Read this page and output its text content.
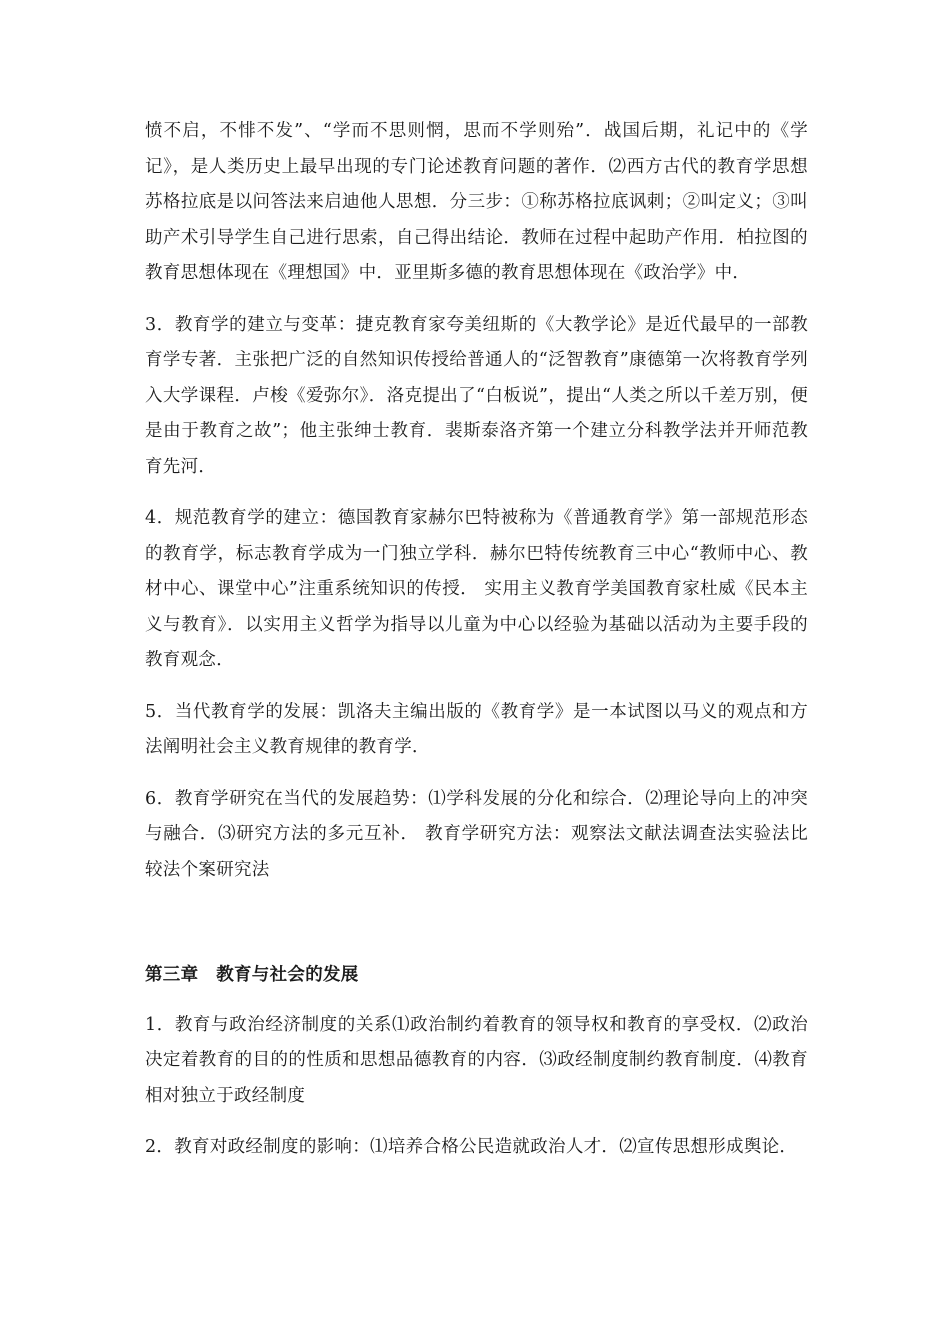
愤不启，不悱不发”、“学而不思则惘，思而不学则殆”．战国后期，礼记中的《学记》，是人类历史上最早出现的专门论述教育问题的著作．⑵西方古代的教育学思想苏格拉底是以问答法来启迪他人思想．分三步：①称苏格拉底讽刺；②叫定义；③叫助产术引导学生自己进行思索，自己得出结论．教师在过程中起助产作用．柏拉图的教育思想体现在《理想国》中．亚里斯多德的教育思想体现在《政治学》中．

3．教育学的建立与变革：捷克教育家夸美纽斯的《大教学论》是近代最早的一部教育学专著．主张把广泛的自然知识传授给普通人的“泛智教育”康德第一次将教育学列入大学课程．卢梭《爱弥尔》．洛克提出了“白板说”，提出“人类之所以千差万别，便是由于教育之故”；他主张绅士教育．裴斯泰洛齐第一个建立分科教学法并开师范教育先河．

4．规范教育学的建立：德国教育家赫尔巴特被称为《普通教育学》第一部规范形态的教育学，标志教育学成为一门独立学科．赫尔巴特传统教育三中心“教师中心、教材中心、课堂中心”注重系统知识的传授． 实用主义教育学美国教育家杜威《民本主义与教育》．以实用主义哲学为指导以儿童为中心以经验为基础以活动为主要手段的教育观念．

5．当代教育学的发展：凯洛夫主编出版的《教育学》是一本试图以马义的观点和方法阐明社会主义教育规律的教育学．

6．教育学研究在当代的发展趋势：⑴学科发展的分化和综合．⑵理论导向上的冲突与融合．⑶研究方法的多元互补． 教育学研究方法：观察法文献法调查法实验法比较法个案研究法

第三章　教育与社会的发展

1．教育与政治经济制度的关系⑴政治制约着教育的领导权和教育的享受权．⑵政治决定着教育的目的的性质和思想品德教育的内容．⑶政经制度制约教育制度．⑷教育相对独立于政经制度

2．教育对政经制度的影响：⑴培养合格公民造就政治人才．⑵宣传思想形成舆论．
